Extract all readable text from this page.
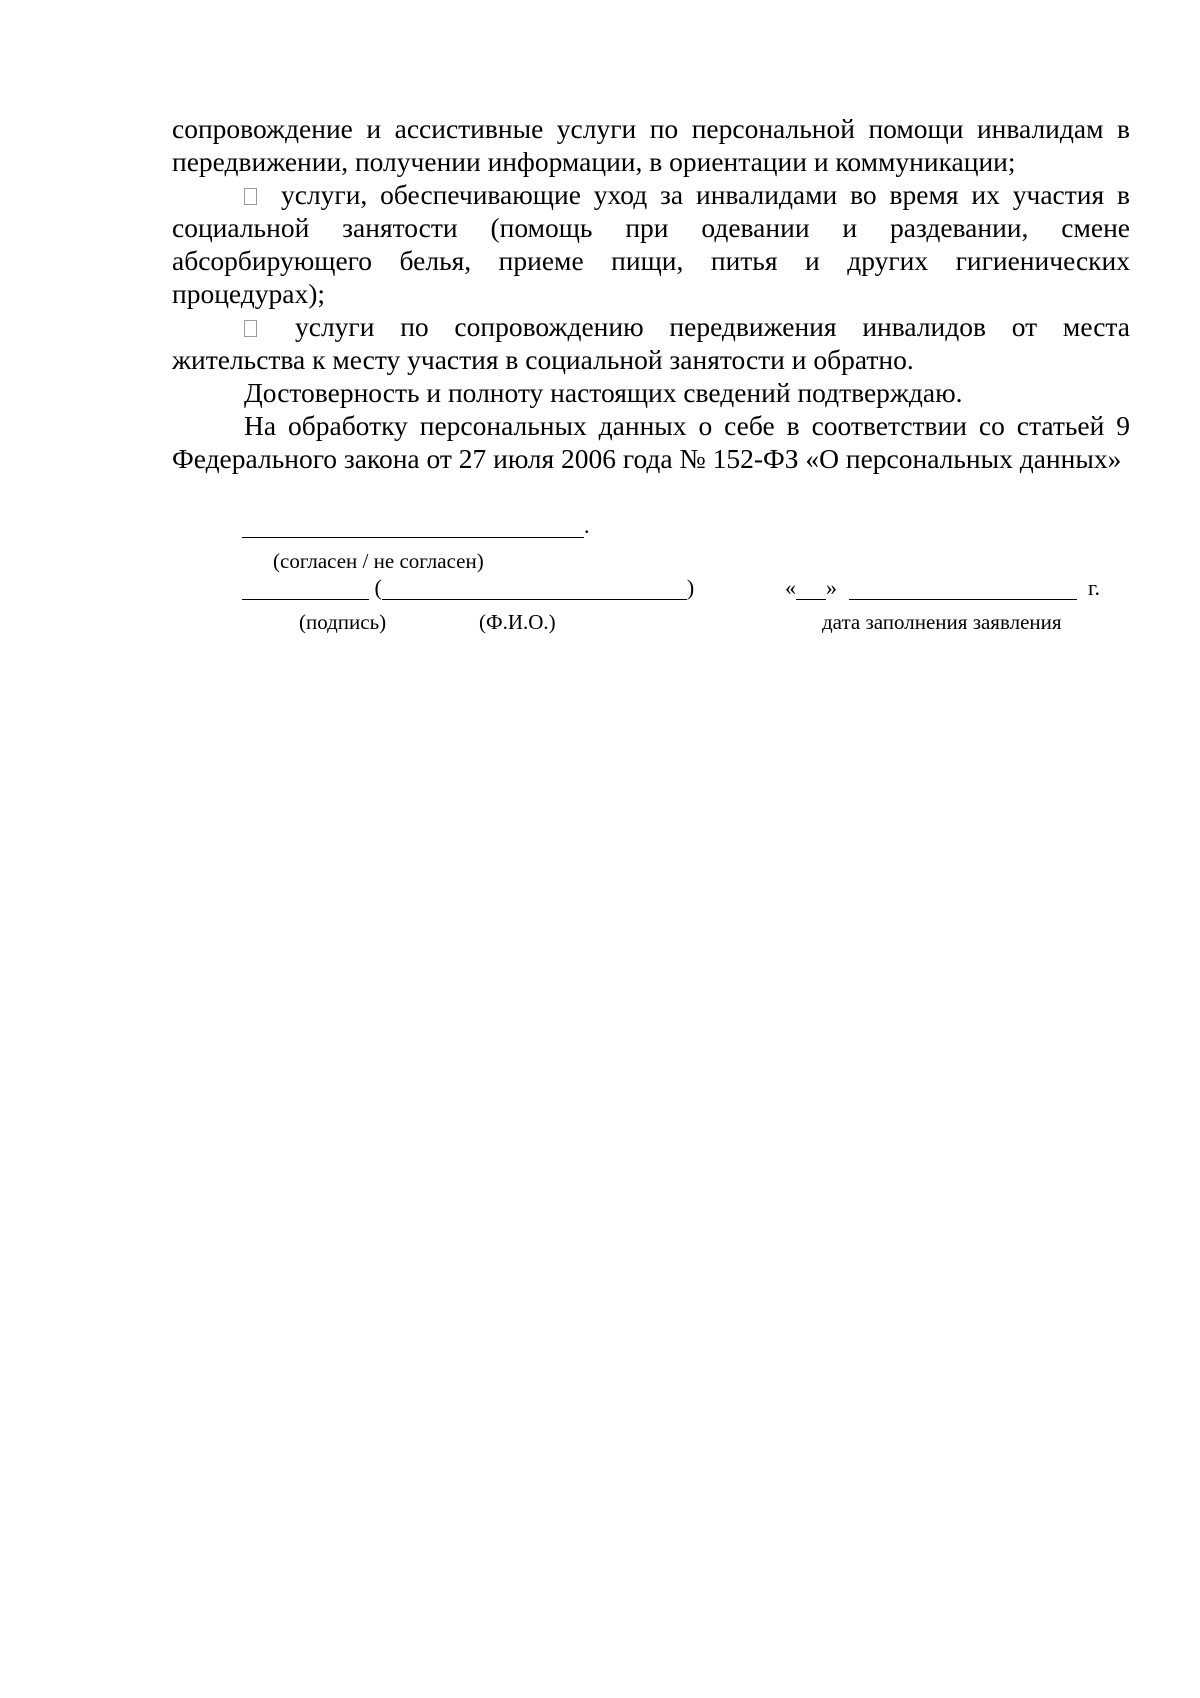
сопровождение и ассистивные услуги по персональной помощи инвалидам в передвижении, получении информации, в ориентации и коммуникации;

услуги, обеспечивающие уход за инвалидами во время их участия в социальной занятости (помощь при одевании и раздевании, смене абсорбирующего белья, приеме пищи, питья и других гигиенических процедурах);

услуги по сопровождению передвижения инвалидов от места жительства к месту участия в социальной занятости и обратно.

Достоверность и полноту настоящих сведений подтверждаю.

На обработку персональных данных о себе в соответствии со статьей 9 Федерального закона от 27 июля 2006 года № 152-ФЗ «О персональных данных»

.
(согласен / не согласен)
(	)	« »	г.
(подпись)	(Ф.И.О.)	дата заполнения заявления
